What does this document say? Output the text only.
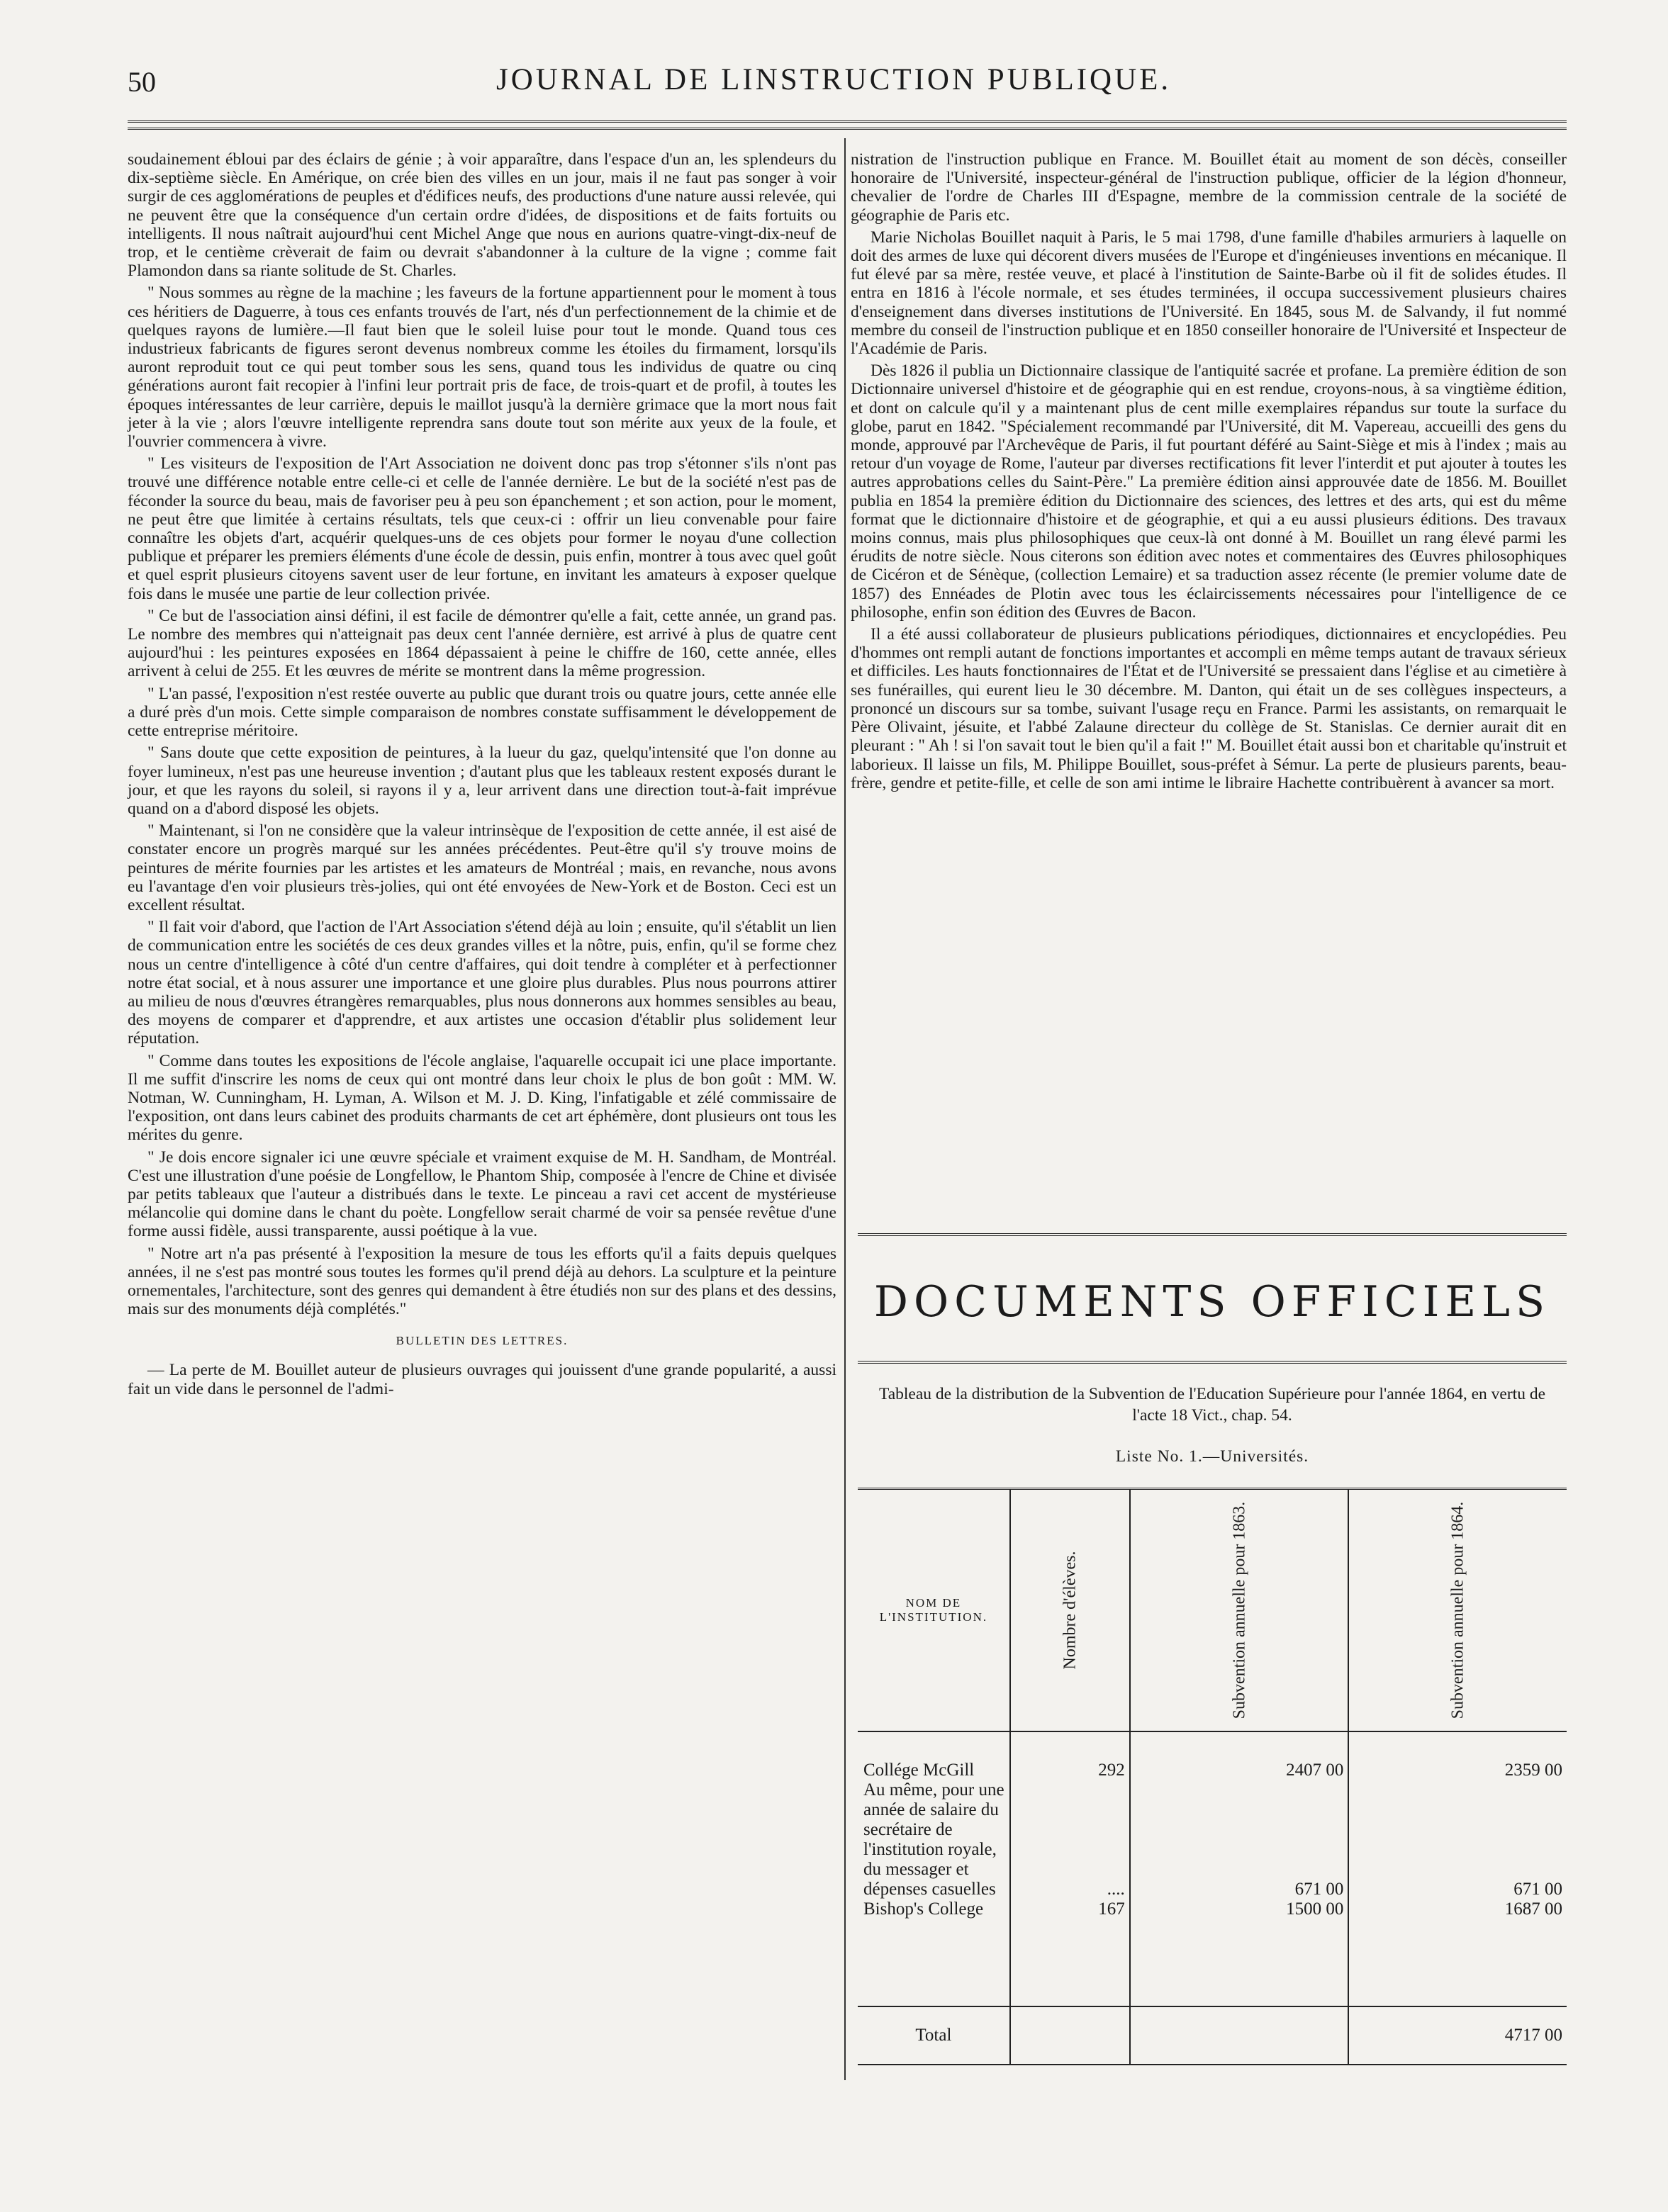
50	JOURNAL DE LINSTRUCTION PUBLIQUE.

soudainement ébloui par des éclairs de génie ; à voir apparaître, dans l'espace d'un an, les splendeurs du dix-septième siècle. En Amérique, on crée bien des villes en un jour, mais il ne faut pas songer à voir surgir de ces agglomérations de peuples et d'édifices neufs, des productions d'une nature aussi relevée, qui ne peuvent être que la conséquence d'un certain ordre d'idées, de dispositions et de faits fortuits ou intelligents. Il nous naîtrait aujourd'hui cent Michel Ange que nous en aurions quatre-vingt-dix-neuf de trop, et le centième crèverait de faim ou devrait s'abandonner à la culture de la vigne ; comme fait Plamondon dans sa riante solitude de St. Charles.

" Nous sommes au règne de la machine ; les faveurs de la fortune appartiennent pour le moment à tous ces héritiers de Daguerre, à tous ces enfants trouvés de l'art, nés d'un perfectionnement de la chimie et de quelques rayons de lumière.—Il faut bien que le soleil luise pour tout le monde. Quand tous ces industrieux fabricants de figures seront devenus nombreux comme les étoiles du firmament, lorsqu'ils auront reproduit tout ce qui peut tomber sous les sens, quand tous les individus de quatre ou cinq générations auront fait recopier à l'infini leur portrait pris de face, de trois-quart et de profil, à toutes les époques intéressantes de leur carrière, depuis le maillot jusqu'à la dernière grimace que la mort nous fait jeter à la vie ; alors l'œuvre intelligente reprendra sans doute tout son mérite aux yeux de la foule, et l'ouvrier commencera à vivre.

" Les visiteurs de l'exposition de l'Art Association ne doivent donc pas trop s'étonner s'ils n'ont pas trouvé une différence notable entre celle-ci et celle de l'année dernière. Le but de la société n'est pas de féconder la source du beau, mais de favoriser peu à peu son épanchement ; et son action, pour le moment, ne peut être que limitée à certains résultats, tels que ceux-ci : offrir un lieu convenable pour faire connaître les objets d'art, acquérir quelques-uns de ces objets pour former le noyau d'une collection publique et préparer les premiers éléments d'une école de dessin, puis enfin, montrer à tous avec quel goût et quel esprit plusieurs citoyens savent user de leur fortune, en invitant les amateurs à exposer quelque fois dans le musée une partie de leur collection privée.

" Ce but de l'association ainsi défini, il est facile de démontrer qu'elle a fait, cette année, un grand pas. Le nombre des membres qui n'atteignait pas deux cent l'année dernière, est arrivé à plus de quatre cent aujourd'hui : les peintures exposées en 1864 dépassaient à peine le chiffre de 160, cette année, elles arrivent à celui de 255. Et les œuvres de mérite se montrent dans la même progression.

" L'an passé, l'exposition n'est restée ouverte au public que durant trois ou quatre jours, cette année elle a duré près d'un mois. Cette simple comparaison de nombres constate suffisamment le développement de cette entreprise méritoire.

" Sans doute que cette exposition de peintures, à la lueur du gaz, quelqu'intensité que l'on donne au foyer lumineux, n'est pas une heureuse invention ; d'autant plus que les tableaux restent exposés durant le jour, et que les rayons du soleil, si rayons il y a, leur arrivent dans une direction tout-à-fait imprévue quand on a d'abord disposé les objets.

" Maintenant, si l'on ne considère que la valeur intrinsèque de l'exposition de cette année, il est aisé de constater encore un progrès marqué sur les années précédentes. Peut-être qu'il s'y trouve moins de peintures de mérite fournies par les artistes et les amateurs de Montréal ; mais, en revanche, nous avons eu l'avantage d'en voir plusieurs très-jolies, qui ont été envoyées de New-York et de Boston. Ceci est un excellent résultat.

" Il fait voir d'abord, que l'action de l'Art Association s'étend déjà au loin ; ensuite, qu'il s'établit un lien de communication entre les sociétés de ces deux grandes villes et la nôtre, puis, enfin, qu'il se forme chez nous un centre d'intelligence à côté d'un centre d'affaires, qui doit tendre à compléter et à perfectionner notre état social, et à nous assurer une importance et une gloire plus durables. Plus nous pourrons attirer au milieu de nous d'œuvres étrangères remarquables, plus nous donnerons aux hommes sensibles au beau, des moyens de comparer et d'apprendre, et aux artistes une occasion d'établir plus solidement leur réputation.

" Comme dans toutes les expositions de l'école anglaise, l'aquarelle occupait ici une place importante. Il me suffit d'inscrire les noms de ceux qui ont montré dans leur choix le plus de bon goût : MM. W. Notman, W. Cunningham, H. Lyman, A. Wilson et M. J. D. King, l'infatigable et zélé commissaire de l'exposition, ont dans leurs cabinet des produits charmants de cet art éphémère, dont plusieurs ont tous les mérites du genre.

" Je dois encore signaler ici une œuvre spéciale et vraiment exquise de M. H. Sandham, de Montréal. C'est une illustration d'une poésie de Longfellow, le Phantom Ship, composée à l'encre de Chine et divisée par petits tableaux que l'auteur a distribués dans le texte. Le pinceau a ravi cet accent de mystérieuse mélancolie qui domine dans le chant du poète. Longfellow serait charmé de voir sa pensée revêtue d'une forme aussi fidèle, aussi transparente, aussi poétique à la vue.

" Notre art n'a pas présenté à l'exposition la mesure de tous les efforts qu'il a faits depuis quelques années, il ne s'est pas montré sous toutes les formes qu'il prend déjà au dehors. La sculpture et la peinture ornementales, l'architecture, sont des genres qui demandent à être étudiés non sur des plans et des dessins, mais sur des monuments déjà complétés."

BULLETIN DES LETTRES.

— La perte de M. Bouillet auteur de plusieurs ouvrages qui jouissent d'une grande popularité, a aussi fait un vide dans le personnel de l'admi-

nistration de l'instruction publique en France. M. Bouillet était au moment de son décès, conseiller honoraire de l'Université, inspecteur-général de l'instruction publique, officier de la légion d'honneur, chevalier de l'ordre de Charles III d'Espagne, membre de la commission centrale de la société de géographie de Paris etc.

Marie Nicholas Bouillet naquit à Paris, le 5 mai 1798, d'une famille d'habiles armuriers à laquelle on doit des armes de luxe qui décorent divers musées de l'Europe et d'ingénieuses inventions en mécanique. Il fut élevé par sa mère, restée veuve, et placé à l'institution de Sainte-Barbe où il fit de solides études. Il entra en 1816 à l'école normale, et ses études terminées, il occupa successivement plusieurs chaires d'enseignement dans diverses institutions de l'Université. En 1845, sous M. de Salvandy, il fut nommé membre du conseil de l'instruction publique et en 1850 conseiller honoraire de l'Université et Inspecteur de l'Académie de Paris.

Dès 1826 il publia un Dictionnaire classique de l'antiquité sacrée et profane. La première édition de son Dictionnaire universel d'histoire et de géographie qui en est rendue, croyons-nous, à sa vingtième édition, et dont on calcule qu'il y a maintenant plus de cent mille exemplaires répandus sur toute la surface du globe, parut en 1842. "Spécialement recommandé par l'Université, dit M. Vapereau, accueilli des gens du monde, approuvé par l'Archevêque de Paris, il fut pourtant déféré au Saint-Siège et mis à l'index ; mais au retour d'un voyage de Rome, l'auteur par diverses rectifications fit lever l'interdit et put ajouter à toutes les autres approbations celles du Saint-Père." La première édition ainsi approuvée date de 1856. M. Bouillet publia en 1854 la première édition du Dictionnaire des sciences, des lettres et des arts, qui est du même format que le dictionnaire d'histoire et de géographie, et qui a eu aussi plusieurs éditions. Des travaux moins connus, mais plus philosophiques que ceux-là ont donné à M. Bouillet un rang élevé parmi les érudits de notre siècle. Nous citerons son édition avec notes et commentaires des Œuvres philosophiques de Cicéron et de Sénèque, (collection Lemaire) et sa traduction assez récente (le premier volume date de 1857) des Ennéades de Plotin avec tous les éclaircissements nécessaires pour l'intelligence de ce philosophe, enfin son édition des Œuvres de Bacon.

Il a été aussi collaborateur de plusieurs publications périodiques, dictionnaires et encyclopédies. Peu d'hommes ont rempli autant de fonctions importantes et accompli en même temps autant de travaux sérieux et difficiles. Les hauts fonctionnaires de l'État et de l'Université se pressaient dans l'église et au cimetière à ses funérailles, qui eurent lieu le 30 décembre. M. Danton, qui était un de ses collègues inspecteurs, a prononcé un discours sur sa tombe, suivant l'usage reçu en France. Parmi les assistants, on remarquait le Père Olivaint, jésuite, et l'abbé Zalaune directeur du collège de St. Stanislas. Ce dernier aurait dit en pleurant : " Ah ! si l'on savait tout le bien qu'il a fait !" M. Bouillet était aussi bon et charitable qu'instruit et laborieux. Il laisse un fils, M. Philippe Bouillet, sous-préfet à Sémur. La perte de plusieurs parents, beau-frère, gendre et petite-fille, et celle de son ami intime le libraire Hachette contribuèrent à avancer sa mort.

DOCUMENTS OFFICIELS
Tableau de la distribution de la Subvention de l'Education Supérieure pour l'année 1864, en vertu de l'acte 18 Vict., chap. 54.
Liste No. 1.—Universités.
NOM DE L'INSTITUTION.	Nombre d'élèves.	Subvention annuelle pour 1863.	Subvention annuelle pour 1864.

Collége McGill	292	2407 00	2359 00
Au même, pour une année de salaire du secrétaire de l'institution royale, du messager et dépenses casuelles	....	671 00	671 00
Bishop's College	167	1500 00	1687 00
Total			4717 00
